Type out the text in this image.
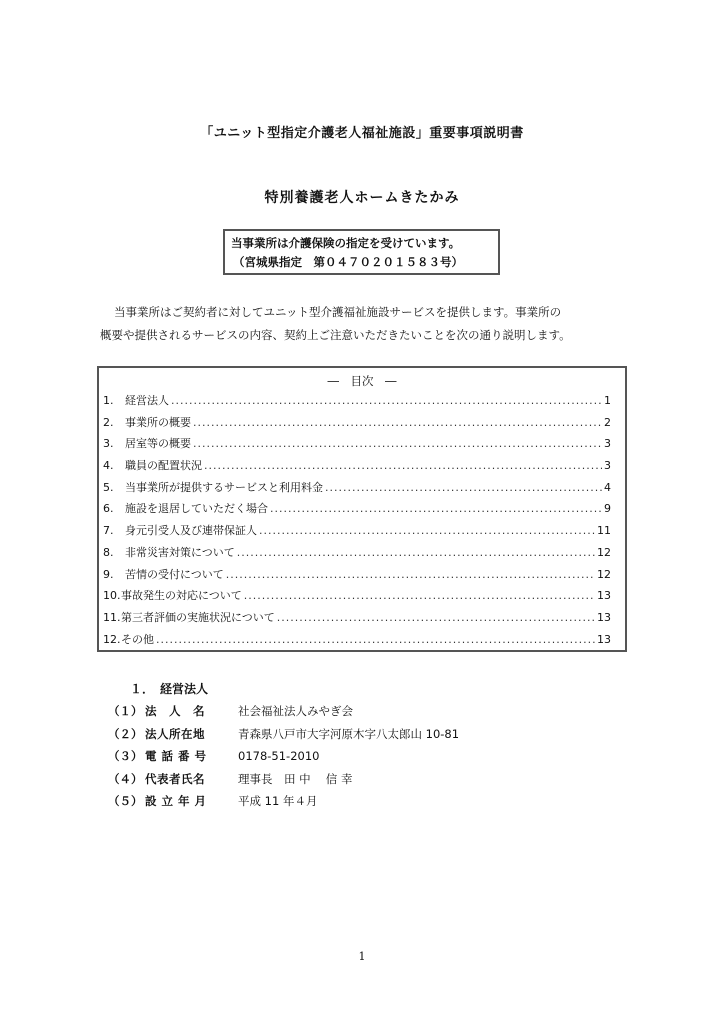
「ユニット型指定介護老人福祉施設」重要事項説明書
特別養護老人ホームきたかみ
当事業所は介護保険の指定を受けています。
（宮城県指定　第０４７０２０１５８３号）
当事業所はご契約者に対してユニット型介護福祉施設サービスを提供します。事業所の
概要や提供されるサービスの内容、契約上ご注意いただきたいことを次の通り説明します。
―　目次　―
1.	経営法人 .....	1
2.	事業所の概要 .....	2
3.	居室等の概要 .....	3
4.	職員の配置状況 .....	3
5.	当事業所が提供するサービスと利用料金 .....	4
6.	施設を退居していただく場合 .....	9
7.	身元引受人及び連帯保証人 .....	11
8.	非常災害対策について .....	12
9.	苦情の受付について .....	12
10. 事故発生の対応について .....	13
11. 第三者評価の実施状況について .....	13
12. その他 .....	13
１．　経営法人
（１） 法　人　名	社会福祉法人みやぎ会
（２） 法人所在地	青森県八戸市大字河原木字八太郎山 10-81
（３） 電 話 番 号	0178-51-2010
（４） 代表者氏名	理事長　田 中　 信 幸
（５） 設 立 年 月	平成 11 年４月
1
